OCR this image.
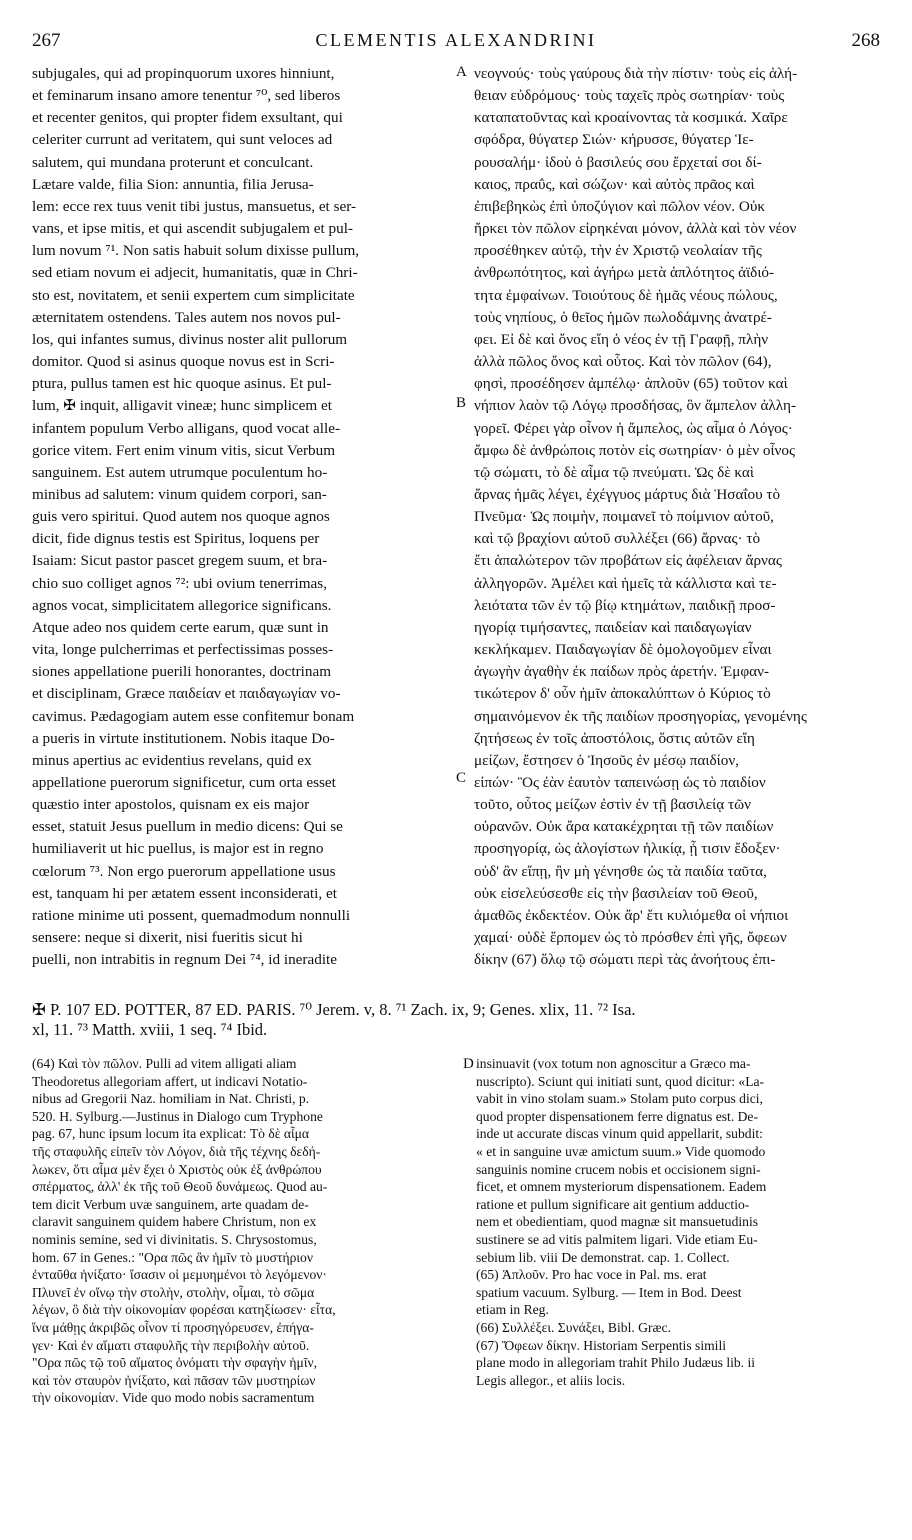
267	CLEMENTIS ALEXANDRINI	268

subjugales, qui ad propinquorum uxores hinniunt,

et feminarum insano amore tenentur ⁷⁰, sed liberos

et recenter genitos, qui propter fidem exsultant, qui

celeriter currunt ad veritatem, qui sunt veloces ad

salutem, qui mundana proterunt et conculcant.

Lætare valde, filia Sion: annuntia, filia Jerusa-

lem: ecce rex tuus venit tibi justus, mansuetus, et ser-

vans, et ipse mitis, et qui ascendit subjugalem et pul-

lum novum ⁷¹. Non satis habuit solum dixisse pullum,

sed etiam novum ei adjecit, humanitatis, quæ in Chri-

sto est, novitatem, et senii expertem cum simplicitate

æternitatem ostendens. Tales autem nos novos pul-

los, qui infantes sumus, divinus noster alit pullorum

domitor. Quod si asinus quoque novus est in Scri-

ptura, pullus tamen est hic quoque asinus. Et pul-

lum, ✠ inquit, alligavit vineæ; hunc simplicem et

infantem populum Verbo alligans, quod vocat alle-

gorice vitem. Fert enim vinum vitis, sicut Verbum

sanguinem. Est autem utrumque poculentum ho-

minibus ad salutem: vinum quidem corpori, san-

guis vero spiritui. Quod autem nos quoque agnos

dicit, fide dignus testis est Spiritus, loquens per

Isaiam: Sicut pastor pascet gregem suum, et bra-

chio suo colliget agnos ⁷²: ubi ovium tenerrimas,

agnos vocat, simplicitatem allegorice significans.

Atque adeo nos quidem certe earum, quæ sunt in

vita, longe pulcherrimas et perfectissimas posses-

siones appellatione puerili honorantes, doctrinam

et disciplinam, Græce παιδείαν et παιδαγωγίαν vo-

cavimus. Pædagogiam autem esse confitemur bonam

a pueris in virtute institutionem. Nobis itaque Do-

minus apertius ac evidentius revelans, quid ex

appellatione puerorum significetur, cum orta esset

quæstio inter apostolos, quisnam ex eis major

esset, statuit Jesus puellum in medio dicens: Qui se

humiliaverit ut hic puellus, is major est in regno

cœlorum ⁷³. Non ergo puerorum appellatione usus

est, tanquam hi per ætatem essent inconsiderati, et

ratione minime uti possent, quemadmodum nonnulli

sensere: neque si dixerit, nisi fueritis sicut hi

puelli, non intrabitis in regnum Dei ⁷⁴, id ineradite

νεογνούς· τοὺς γαύρους διὰ τὴν πίστιν· τοὺς εἰς ἀλή-

θειαν εὐδρόμους· τοὺς ταχεῖς πρὸς σωτηρίαν· τοὺς

καταπατοῦντας καὶ κροαίνοντας τὰ κοσμικά. Χαῖρε

σφόδρα, θύγατερ Σιών· κήρυσσε, θύγατερ Ἱε-

ρουσαλήμ· ἰδοὺ ὁ βασιλεύς σου ἔρχεταί σοι δί-

καιος, πραΰς, καὶ σώζων· καὶ αὐτὸς πρᾶος καὶ

ἐπιβεβηκὼς ἐπὶ ὑποζύγιον καὶ πῶλον νέον. Οὐκ

ἤρκει τὸν πῶλον εἰρηκέναι μόνον, ἀλλὰ καὶ τὸν νέον

προσέθηκεν αὐτῷ, τὴν ἐν Χριστῷ νεολαίαν τῆς

ἀνθρωπότητος, καὶ ἀγήρω μετὰ ἁπλότητος ἀϊδιό-

τητα ἐμφαίνων. Τοιούτους δὲ ἡμᾶς νέους πώλους,

τοὺς νηπίους, ὁ θεῖος ἡμῶν πωλοδάμνης ἀνατρέ-

φει. Εἰ δὲ καὶ ὄνος εἴη ὁ νέος ἐν τῇ Γραφῇ, πλὴν

ἀλλὰ πῶλος ὄνος καὶ οὗτος. Καὶ τὸν πῶλον (64),

φησὶ, προσέδησεν ἀμπέλῳ· ἁπλοῦν (65) τοῦτον καὶ

νήπιον λαὸν τῷ Λόγῳ προσδήσας, ὃν ἄμπελον ἀλλη-

γορεῖ. Φέρει γὰρ οἶνον ἡ ἄμπελος, ὡς αἷμα ὁ Λόγος·

ἄμφω δὲ ἀνθρώποις ποτὸν εἰς σωτηρίαν· ὁ μὲν οἶνος

τῷ σώματι, τὸ δὲ αἷμα τῷ πνεύματι. Ὡς δὲ καὶ

ἄρνας ἡμᾶς λέγει, ἐχέγγυος μάρτυς διὰ Ἡσαΐου τὸ

Πνεῦμα· Ὡς ποιμὴν, ποιμανεῖ τὸ ποίμνιον αὐτοῦ,

καὶ τῷ βραχίονι αὐτοῦ συλλέξει (66) ἄρνας· τὸ

ἔτι ἁπαλώτερον τῶν προβάτων εἰς ἀφέλειαν ἄρνας

ἀλληγορῶν. Ἀμέλει καὶ ἡμεῖς τὰ κάλλιστα καὶ τε-

λειότατα τῶν ἐν τῷ βίῳ κτημάτων, παιδικῇ προσ-

ηγορίᾳ τιμήσαντες, παιδείαν καὶ παιδαγωγίαν

κεκλήκαμεν. Παιδαγωγίαν δὲ ὁμολογοῦμεν εἶναι

ἀγωγὴν ἀγαθὴν ἐκ παίδων πρὸς ἀρετήν. Ἐμφαν-

τικώτερον δ' οὖν ἡμῖν ἀποκαλύπτων ὁ Κύριος τὸ

σημαινόμενον ἐκ τῆς παιδίων προσηγορίας, γενομένης

ζητήσεως ἐν τοῖς ἀποστόλοις, ὅστις αὐτῶν εἴη

μείζων, ἔστησεν ὁ Ἰησοῦς ἐν μέσῳ παιδίον,

εἰπών· Ὃς ἐὰν ἑαυτὸν ταπεινώσῃ ὡς τὸ παιδίον

τοῦτο, οὗτος μείζων ἐστὶν ἐν τῇ βασιλείᾳ τῶν

οὐρανῶν. Οὐκ ἄρα κατακέχρηται τῇ τῶν παιδίων

προσηγορίᾳ, ὡς ἀλογίστων ἡλικίᾳ, ᾗ τισιν ἔδοξεν·

οὐδ' ἂν εἴπῃ, ἢν μὴ γένησθε ὡς τὰ παιδία ταῦτα,

οὐκ εἰσελεύσεσθε εἰς τὴν βασιλείαν τοῦ Θεοῦ,

ἀμαθῶς ἐκδεκτέον. Οὐκ ἄρ' ἔτι κυλιόμεθα οἱ νήπιοι

χαμαί· οὐδὲ ἕρπομεν ὡς τὸ πρόσθεν ἐπὶ γῆς, ὄφεων

δίκην (67) ὅλῳ τῷ σώματι περὶ τὰς ἀνοήτους ἐπι-

A
B
C
D

✠ P. 107 ED. POTTER, 87 ED. PARIS. ⁷⁰ Jerem. v, 8. ⁷¹ Zach. ix, 9; Genes. xlix, 11. ⁷² Isa.

xl, 11. ⁷³ Matth. xviii, 1 seq. ⁷⁴ Ibid.

(64) Καὶ τὸν πῶλον. Pulli ad vitem alligati aliam

Theodoretus allegoriam affert, ut indicavi Notatio-

nibus ad Gregorii Naz. homiliam in Nat. Christi, p.

520. H. Sylburg.—Justinus in Dialogo cum Tryphone

pag. 67, hunc ipsum locum ita explicat: Τὸ δὲ αἷμα

τῆς σταφυλῆς εἰπεῖν τὸν Λόγον, διὰ τῆς τέχνης δεδή-

λωκεν, ὅτι αἷμα μὲν ἔχει ὁ Χριστὸς οὐκ ἐξ ἀνθρώπου

σπέρματος, ἀλλ' ἐκ τῆς τοῦ Θεοῦ δυνάμεως. Quod au-

tem dicit Verbum uvæ sanguinem, arte quadam de-

claravit sanguinem quidem habere Christum, non ex

nominis semine, sed vi divinitatis. S. Chrysostomus,

hom. 67 in Genes.: "Ορα πῶς ἂν ἡμῖν τὸ μυστήριον

ἐνταῦθα ἠνίξατο· ἴσασιν οἱ μεμυημένοι τὸ λεγόμενον·

Πλυνεῖ ἐν οἴνῳ τὴν στολὴν, στολὴν, οἶμαι, τὸ σῶμα

λέγων, ὃ διὰ τὴν οἰκονομίαν φορέσαι κατηξίωσεν· εἶτα,

ἵνα μάθῃς ἀκριβῶς οἶνον τί προσηγόρευσεν, ἐπήγα-

γεν· Καὶ ἐν αἵματι σταφυλῆς τὴν περιβολὴν αὐτοῦ.

"Ορα πῶς τῷ τοῦ αἵματος ὀνόματι τὴν σφαγὴν ἡμῖν,

καὶ τὸν σταυρὸν ἠνίξατο, καὶ πᾶσαν τῶν μυστηρίων

τὴν οἰκονομίαν. Vide quo modo nobis sacramentum

insinuavit (vox totum non agnoscitur a Græco ma-

nuscripto). Sciunt qui initiati sunt, quod dicitur: «La-

vabit in vino stolam suam.» Stolam puto corpus dici,

quod propter dispensationem ferre dignatus est. De-

inde ut accurate discas vinum quid appellarit, subdit:

« et in sanguine uvæ amictum suum.» Vide quomodo

sanguinis nomine crucem nobis et occisionem signi-

ficet, et omnem mysteriorum dispensationem. Eadem

ratione et pullum significare ait gentium adductio-

nem et obedientiam, quod magnæ sit mansuetudinis

sustinere se ad vitis palmitem ligari. Vide etiam Eu-

sebium lib. viii De demonstrat. cap. 1. Collect.

(65) Ἁπλοῦν. Pro hac voce in Pal. ms. erat

spatium vacuum. Sylburg. — Item in Bod. Deest

etiam in Reg.

(66) Συλλέξει. Συνάξει, Bibl. Græc.

(67) Ὄφεων δίκην. Historiam Serpentis simili

plane modo in allegoriam trahit Philo Judæus lib. ii

Legis allegor., et aliis locis.
